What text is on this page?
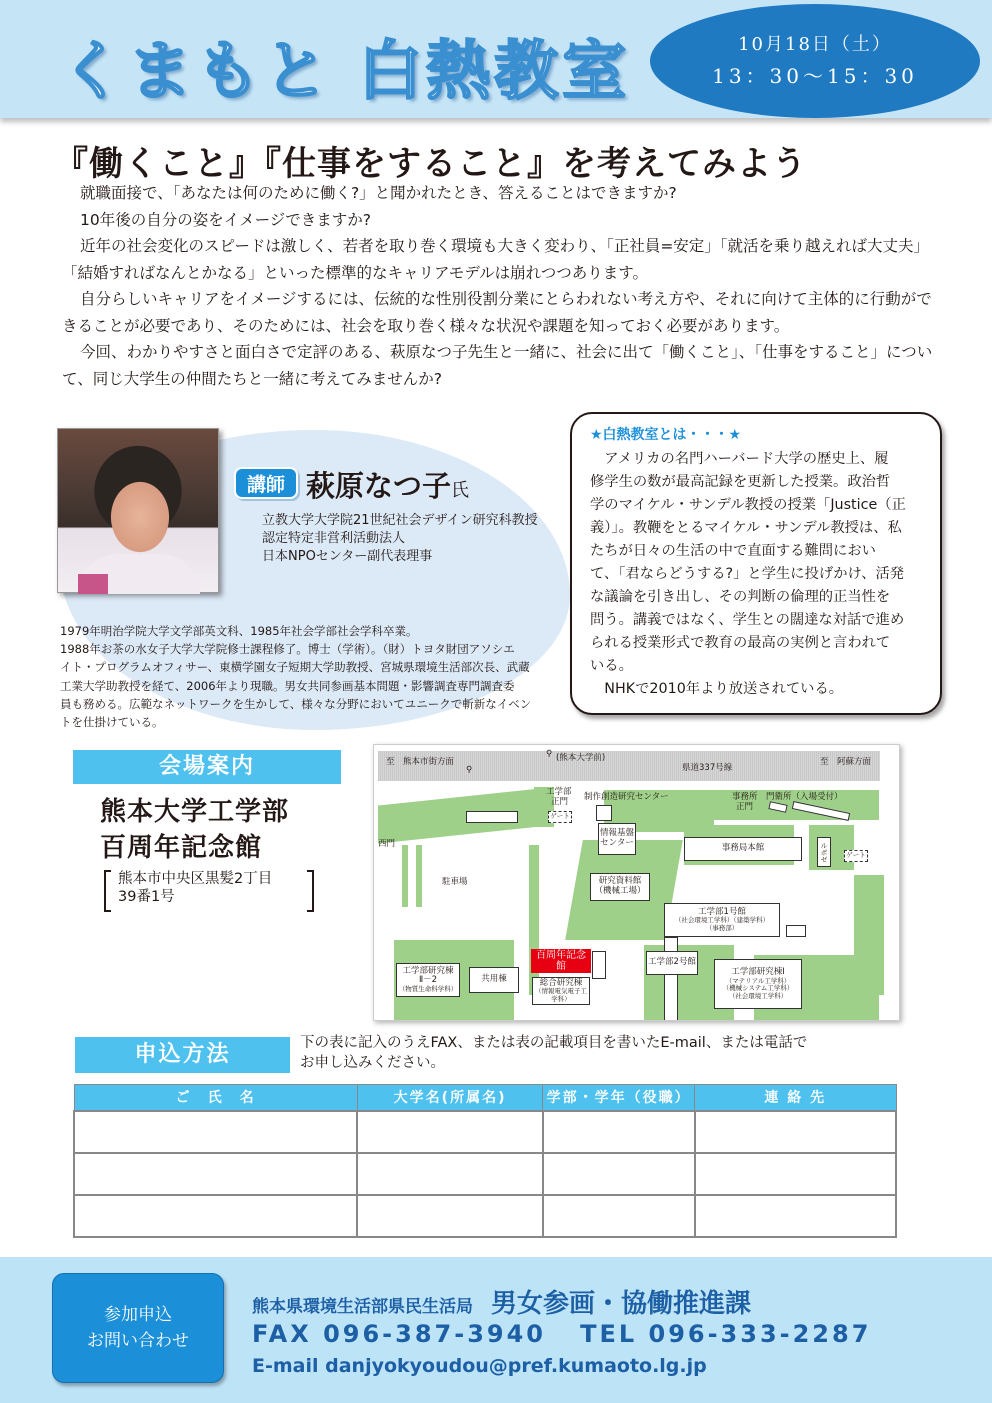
くまもと 白熱教室	10月18日（土）
13：30〜15：30
『働くこと』『仕事をすること』を考えてみよう

就職面接で、「あなたは何のために働く?」と聞かれたとき、答えることはできますか?

10年後の自分の姿をイメージできますか?

近年の社会変化のスピードは激しく、若者を取り巻く環境も大きく変わり、「正社員=安定」「就活を乗り越えれば大丈夫」

「結婚すればなんとかなる」といった標準的なキャリアモデルは崩れつつあります。

自分らしいキャリアをイメージするには、伝統的な性別役割分業にとらわれない考え方や、それに向けて主体的に行動がで

きることが必要であり、そのためには、社会を取り巻く様々な状況や課題を知っておく必要があります。

今回、わかりやすさと面白さで定評のある、萩原なつ子先生と一緒に、社会に出て「働くこと」、「仕事をすること」につい

て、同じ大学生の仲間たちと一緒に考えてみませんか?

講師 萩原なつ子氏
立教大学大学院21世紀社会デザイン研究科教授
認定特定非営利活動法人
日本NPOセンター副代表理事
1979年明治学院大学文学部英文科、1985年社会学部社会学科卒業。
1988年お茶の水女子大学大学院修士課程修了。博士（学術）。（財）トヨタ財団アソシエ
イト・プログラムオフィサー、東横学園女子短期大学助教授、宮城県環境生活部次長、武蔵
工業大学助教授を経て、2006年より現職。男女共同参画基本問題・影響調査専門調査委
員も務める。広範なネットワークを生かして、様々な分野においてユニークで斬新なイベン
トを仕掛けている。
★白熱教室とは・・・★

　アメリカの名門ハーバード大学の歴史上、履

修学生の数が最高記録を更新した授業。政治哲

学のマイケル・サンデル教授の授業「Justice（正

義）」。教鞭をとるマイケル・サンデル教授は、私

たちが日々の生活の中で直面する難問におい

て、「君ならどうする?」と学生に投げかけ、活発

な議論を引き出し、その判断の倫理的正当性を

問う。講義ではなく、学生との闊達な対話で進め

られる授業形式で教育の最高の実例と言われて

いる。

　NHKで2010年より放送されている。

会場案内
熊本大学工学部
百周年記念館
熊本市中央区黒髪2丁目
39番1号
至　熊本市街方面
⚲ (熊本大学前)
⚲	県道337号線
至　阿蘇方面
工学部
正門
ゲート
制作創造研究センター
情報基盤
センター
西門
駐車場
事務所
正門
門衛所（入場受付）
事務局本館	ルボゼ	ゲート
研究資料館
（機械工場）
工学部1号館
（社会環境工学科）（建築学科）
（事務部）
工学部研究棟
Ⅱ－2
（物質生命科学科）
共用棟
百周年記念館
総合研究棟
（情報電気電子工学科）
工学部2号館
工学部研究棟Ⅰ
（マテリアル工学科）
（機械システム工学科）
（社会環境工学科）
申込方法	下の表に記入のうえFAX、または表の記載項目を書いたE-mail、または電話で
お申し込みください。
ご　氏　名	大学名(所属名)	学部・学年（役職）	連 絡 先

参加申込
お問い合わせ
熊本県環境生活部県民生活局 男女参画・協働推進課
FAX 096-387-3940 TEL 096-333-2287
E-mail danjyokyoudou@pref.kumaoto.lg.jp
